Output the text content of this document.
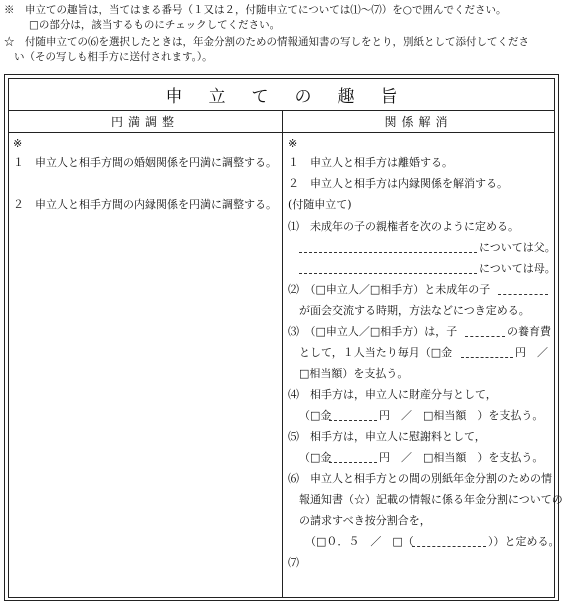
※　申立ての趣旨は，当てはまる番号（１又は２，付随申立てについては⑴～⑺）を○で囲んでください。
□の部分は，該当するものにチェックしてください。
☆　付随申立ての⑹を選択したときは，年金分割のための情報通知書の写しをとり，別紙として添付してくださ
い（その写しも相手方に送付されます。）。
申立ての趣旨
円満調整	関係解消
※
１　申立人と相手方間の婚姻関係を円満に調整する。
２　申立人と相手方間の内縁関係を円満に調整する。
※
１　申立人と相手方は離婚する。
２　申立人と相手方は内縁関係を解消する。
(付随申立て)
⑴　未成年の子の親権者を次のように定める。
については父。
については母。
⑵　（□申立人／□相手方）と未成年の子
が面会交流する時期，方法などにつき定める。
⑶　（□申立人／□相手方）は，子	の養育費
として，１人当たり毎月（□金	円　／
□相当額）を支払う。
⑷　相手方は，申立人に財産分与として，
（□金	円　／　□相当額　）を支払う。
⑸　相手方は，申立人に慰謝料として，
（□金	円　／　□相当額　）を支払う。
⑹　申立人と相手方との間の別紙年金分割のための情
報通知書（☆）記載の情報に係る年金分割についての
の請求すべき按分割合を，
（□０．５　／　□（	））と定める。
⑺
